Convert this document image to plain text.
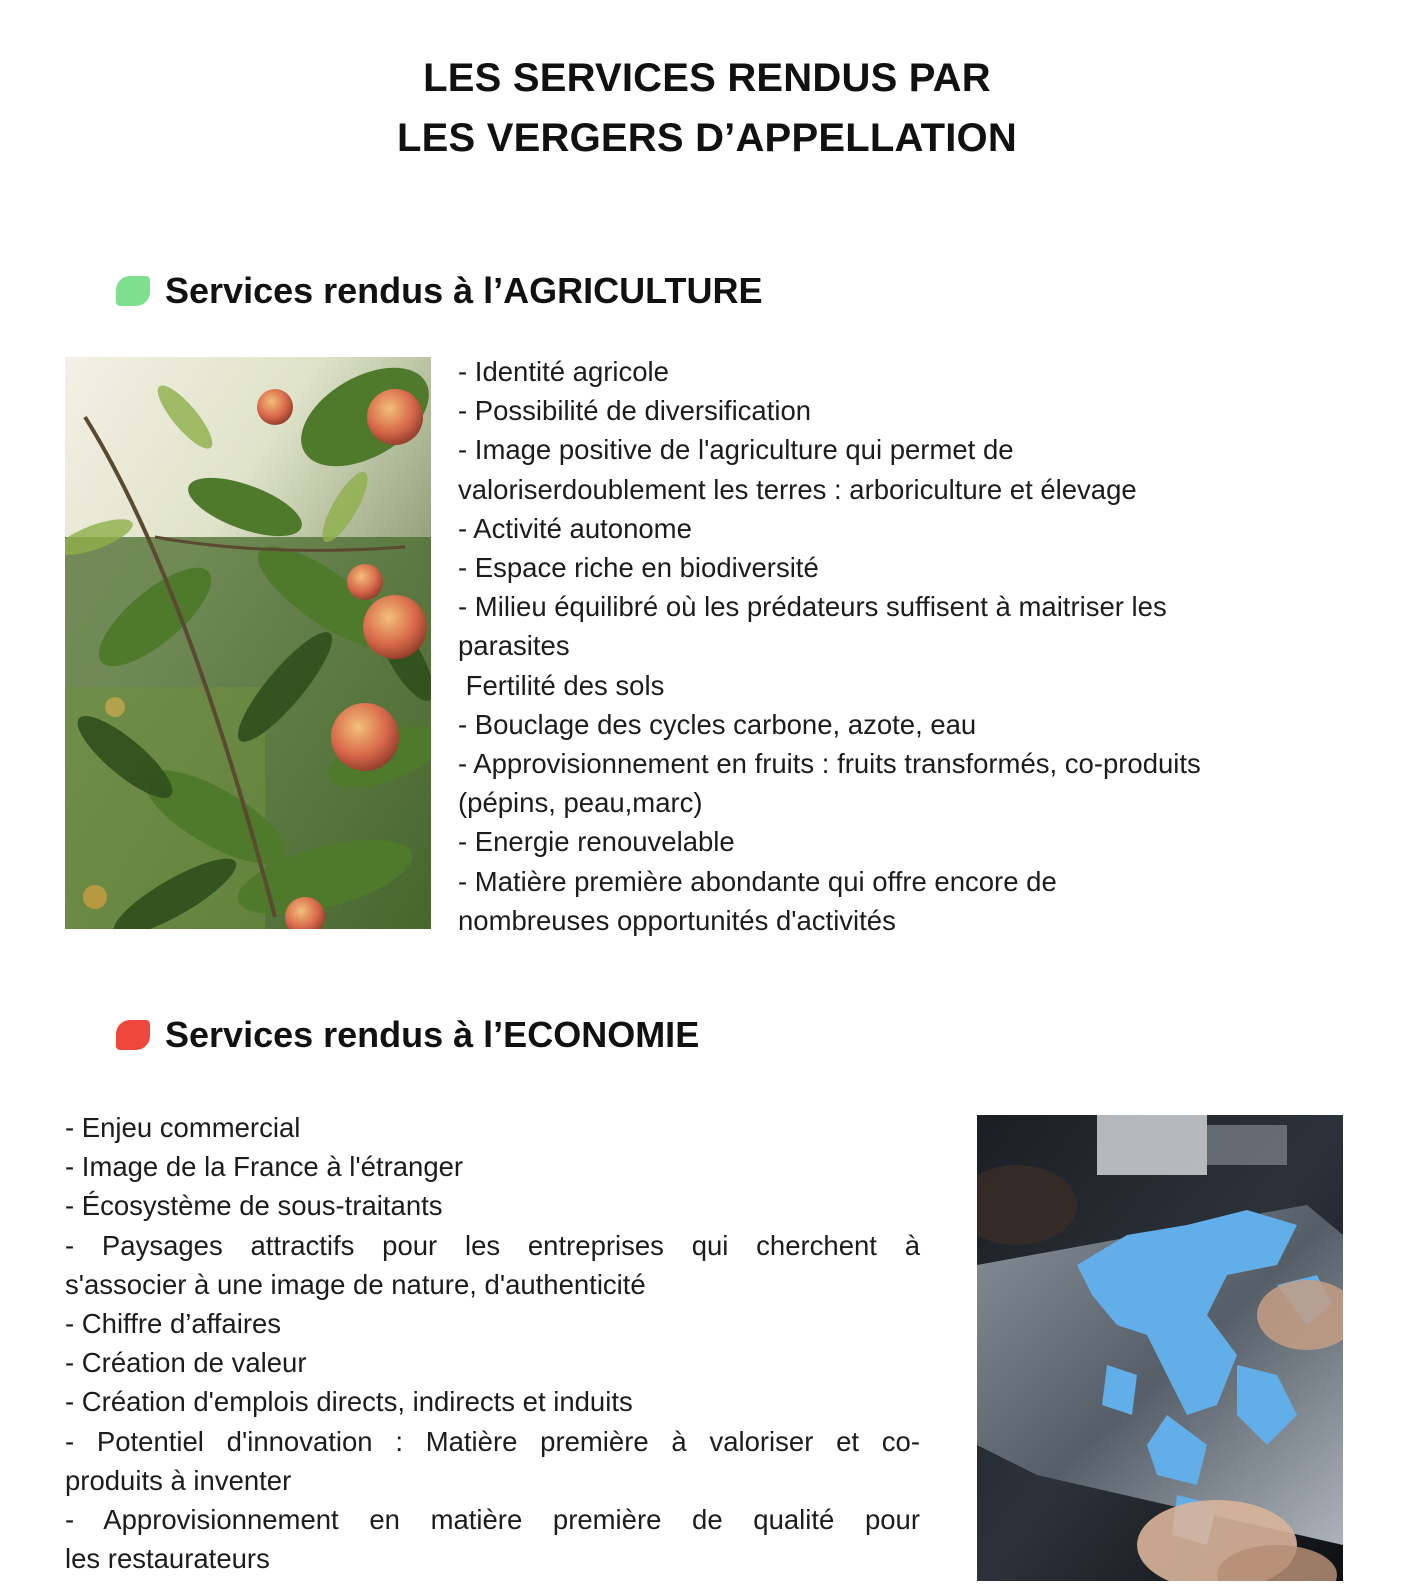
LES SERVICES RENDUS PAR
LES VERGERS D’APPELLATION
Services rendus à l’AGRICULTURE
- Identité agricole
- Possibilité de diversification
- Image positive de l'agriculture qui permet de
valoriserdoublement les terres : arboriculture et élevage
- Activité autonome
- Espace riche en biodiversité
- Milieu équilibré où les prédateurs suffisent à maitriser les
parasites
Fertilité des sols
- Bouclage des cycles carbone, azote, eau
- Approvisionnement en fruits : fruits transformés, co-produits
(pépins, peau,marc)
- Energie renouvelable
- Matière première abondante qui offre encore de
nombreuses opportunités d'activités
Services rendus à l’ECONOMIE
- Enjeu commercial
- Image de la France à l'étranger
- Écosystème de sous-traitants
- Paysages attractifs pour les entreprises qui cherchent à
s'associer à une image de nature, d'authenticité
- Chiffre d’affaires
- Création de valeur
- Création d'emplois directs, indirects et induits
- Potentiel d'innovation : Matière première à valoriser et co-
produits à inventer
- Approvisionnement en matière première de qualité pour
les restaurateurs
